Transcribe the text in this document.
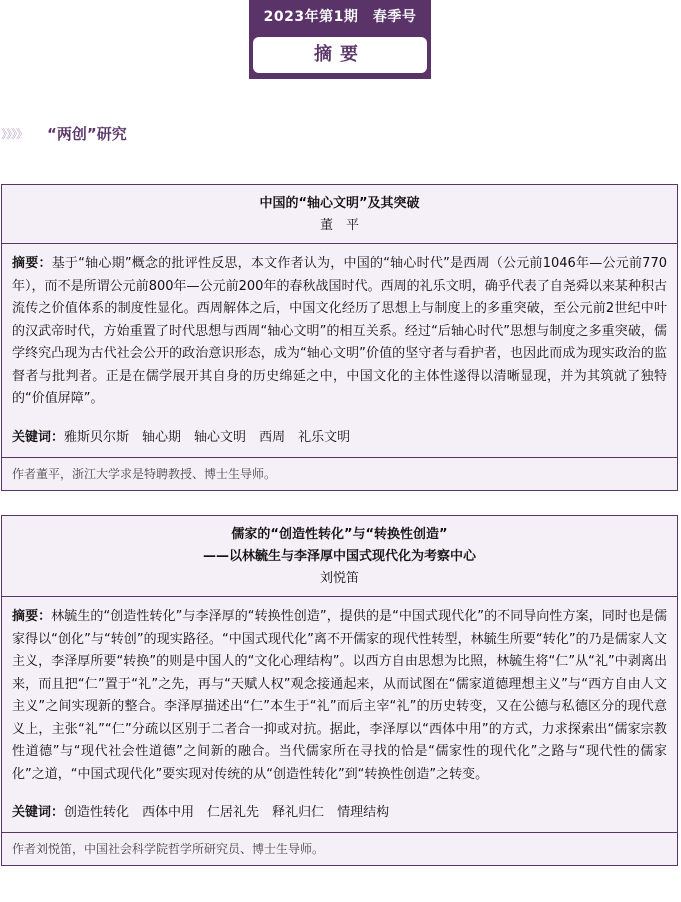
2023年第1期　春季号
摘要
》》》》	“两创”研究
中国的“轴心文明”及其突破
董　平
摘要：基于“轴心期”概念的批评性反思，本文作者认为，中国的“轴心时代”是西周（公元前1046年—公元前770年），而不是所谓公元前800年—公元前200年的春秋战国时代。西周的礼乐文明，确乎代表了自尧舜以来某种积古流传之价值体系的制度性显化。西周解体之后，中国文化经历了思想上与制度上的多重突破，至公元前2世纪中叶的汉武帝时代，方始重置了时代思想与西周“轴心文明”的相互关系。经过“后轴心时代”思想与制度之多重突破，儒学终究凸现为古代社会公开的政治意识形态，成为“轴心文明”价值的坚守者与看护者，也因此而成为现实政治的监督者与批判者。正是在儒学展开其自身的历史绵延之中，中国文化的主体性遂得以清晰显现，并为其筑就了独特的“价值屏障”。
关键词：雅斯贝尔斯 轴心期 轴心文明 西周 礼乐文明
作者董平，浙江大学求是特聘教授、博士生导师。
儒家的“创造性转化”与“转换性创造”
——以林毓生与李泽厚中国式现代化为考察中心
刘悦笛
摘要：林毓生的“创造性转化”与李泽厚的“转换性创造”，提供的是“中国式现代化”的不同导向性方案，同时也是儒家得以“创化”与“转创”的现实路径。“中国式现代化”离不开儒家的现代性转型，林毓生所要“转化”的乃是儒家人文主义，李泽厚所要“转换”的则是中国人的“文化心理结构”。以西方自由思想为比照，林毓生将“仁”从“礼”中剥离出来，而且把“仁”置于“礼”之先，再与“天赋人权”观念接通起来，从而试图在“儒家道德理想主义”与“西方自由人文主义”之间实现新的整合。李泽厚描述出“仁”本生于“礼”而后主宰“礼”的历史转变，又在公德与私德区分的现代意义上，主张“礼”“仁”分疏以区别于二者合一抑或对抗。据此，李泽厚以“西体中用”的方式，力求探索出“儒家宗教性道德”与“现代社会性道德”之间新的融合。当代儒家所在寻找的恰是“儒家性的现代化”之路与“现代性的儒家化”之道，“中国式现代化”要实现对传统的从“创造性转化”到“转换性创造”之转变。
关键词：创造性转化 西体中用 仁居礼先 释礼归仁 情理结构
作者刘悦笛，中国社会科学院哲学所研究员、博士生导师。
